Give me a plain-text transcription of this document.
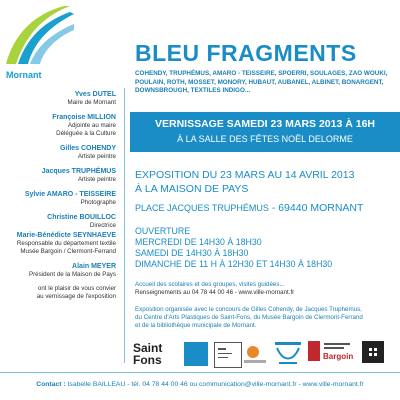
Mornant
Yves DUTEL
Maire de Mornant
Françoise MILLION
Adjointe au maire
Déléguée à la Culture
Gilles COHENDY
Artiste peintre
Jacques TRUPHÉMUS
Artiste peintre
Sylvie AMARO - TEISSEIRE
Photographe
Christine BOUILLOC
Directrice
Marie-Bénédicte SEYNHAEVE
Responsable du département textile
Musée Bargoin / Clermont-Ferrand
Alain MEYER
Président de la Maison de Pays
ont le plaisir de vous convier
au vernissage de l'exposition
BLEU FRAGMENTS
COHENDY, TRUPHÉMUS, AMARO - TEISSEIRE, SPOERRI, SOULAGES, ZAO WOUKI, POULAIN, ROTH, MOSSET, MONORY, HUBAUT, AUBANEL, ALBINET, BONARGENT, DOWNSBROUGH, TEXTILES INDIGO...
VERNISSAGE SAMEDI 23 MARS 2013 À 16H
À LA SALLE DES FÊTES NOËL DELORME
EXPOSITION DU 23 MARS AU 14 AVRIL 2013
À LA MAISON DE PAYS
PLACE JACQUES TRUPHÉMUS - 69440 MORNANT
OUVERTURE
MERCREDI DE 14H30 À 18H30
SAMEDI DE 14H30 À 18H30
DIMANCHE DE 11 H À 12H30 ET 14H30 À 18H30
Accueil des scolaires et des groupes, visites guidées...
Renseignements au 04 78 44 00 46 - www.ville-mornant.fr
Exposition organisée avec le concours de Gilles Cohendy, de Jacques Truphémus,
du Centre d'Arts Plastiques de Saint-Fons, du Musée Bargoin de Clermont-Ferrand
et de la bibliothèque municipale de Mornant.
Saint
Fons	Bargoin
Contact : Isabelle BAILLEAU - tél. 04 78 44 00 46 ou communication@ville-mornant.fr - www.ville-mornant.fr
